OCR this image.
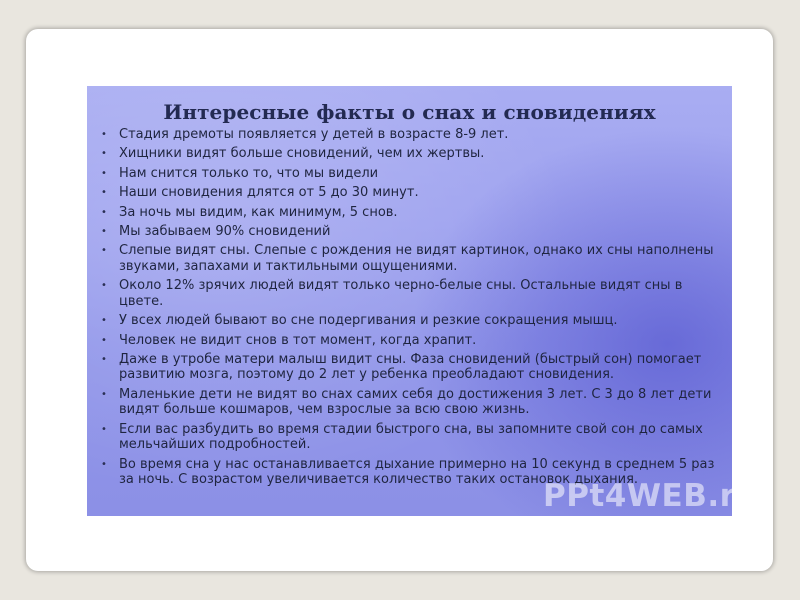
Интересные факты о снах и сновидениях
• Стадия дремоты появляется у детей в возрасте 8-9 лет.
• Хищники видят больше сновидений, чем их жертвы.
• Нам снится только то, что мы видели
• Наши сновидения длятся от 5 до 30 минут.
• За ночь мы видим, как минимум, 5 снов.
• Мы забываем 90% сновидений
• Слепые видят сны. Слепые с рождения не видят картинок, однако их сны наполнены звуками, запахами и тактильными ощущениями.
• Около 12% зрячих людей видят только черно-белые сны. Остальные видят сны в цвете.
• У всех людей бывают во сне подергивания и резкие сокращения мышц.
• Человек не видит снов в тот момент, когда храпит.
• Даже в утробе матери малыш видит сны. Фаза сновидений (быстрый сон) помогает развитию мозга, поэтому до 2 лет у ребенка преобладают сновидения.
• Маленькие дети не видят во снах самих себя до достижения 3 лет. С 3 до 8 лет дети видят больше кошмаров, чем взрослые за всю свою жизнь.
• Если вас разбудить во время стадии быстрого сна, вы запомните свой сон до самых мельчайших подробностей.
• Во время сна у нас останавливается дыхание примерно на 10 секунд в среднем 5 раз за ночь. С возрастом увеличивается количество таких остановок дыхания.
PPt4WEB.ru
